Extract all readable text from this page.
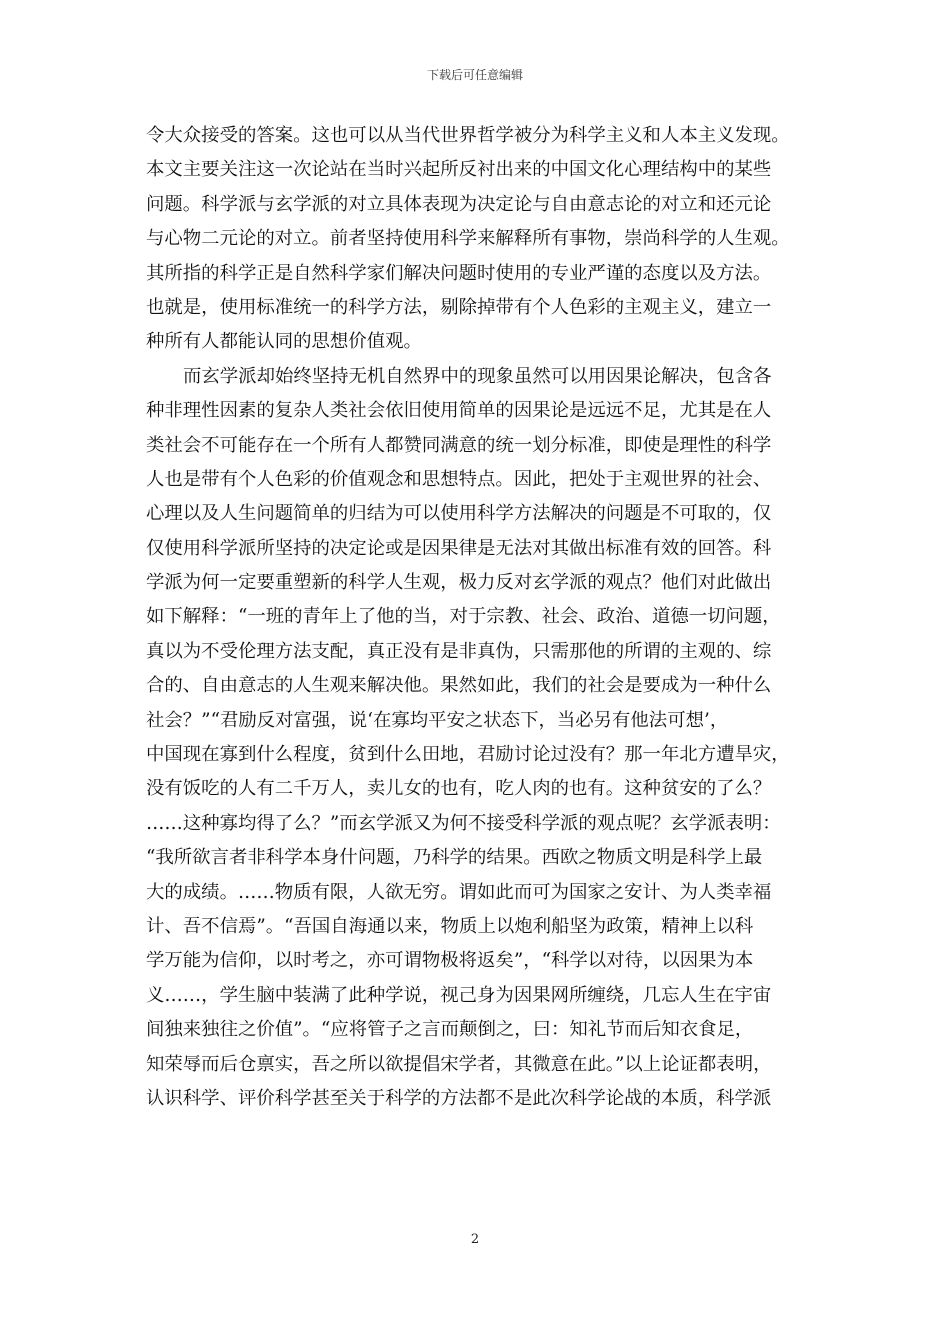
下载后可任意编辑
令大众接受的答案。这也可以从当代世界哲学被分为科学主义和人本主义发现。
本文主要关注这一次论站在当时兴起所反衬出来的中国文化心理结构中的某些
问题。科学派与玄学派的对立具体表现为决定论与自由意志论的对立和还元论
与心物二元论的对立。前者坚持使用科学来解释所有事物，崇尚科学的人生观。
其所指的科学正是自然科学家们解决问题时使用的专业严谨的态度以及方法。
也就是，使用标准统一的科学方法，剔除掉带有个人色彩的主观主义，建立一
种所有人都能认同的思想价值观。
而玄学派却始终坚持无机自然界中的现象虽然可以用因果论解决，包含各
种非理性因素的复杂人类社会依旧使用简单的因果论是远远不足，尤其是在人
类社会不可能存在一个所有人都赞同满意的统一划分标准，即使是理性的科学
人也是带有个人色彩的价值观念和思想特点。因此，把处于主观世界的社会、
心理以及人生问题简单的归结为可以使用科学方法解决的问题是不可取的，仅
仅使用科学派所坚持的决定论或是因果律是无法对其做出标准有效的回答。科
学派为何一定要重塑新的科学人生观，极力反对玄学派的观点？他们对此做出
如下解释：“一班的青年上了他的当，对于宗教、社会、政治、道德一切问题，
真以为不受伦理方法支配，真正没有是非真伪，只需那他的所谓的主观的、综
合的、自由意志的人生观来解决他。果然如此，我们的社会是要成为一种什么
社会？”“君励反对富强，说‘在寡均平安之状态下，当必另有他法可想’，
中国现在寡到什么程度，贫到什么田地，君励讨论过没有？那一年北方遭旱灾，
没有饭吃的人有二千万人，卖儿女的也有，吃人肉的也有。这种贫安的了么？
……这种寡均得了么？”而玄学派又为何不接受科学派的观点呢？玄学派表明：
“我所欲言者非科学本身什问题，乃科学的结果。西欧之物质文明是科学上最
大的成绩。……物质有限，人欲无穷。谓如此而可为国家之安计、为人类幸福
计、吾不信焉”。“吾国自海通以来，物质上以炮利船坚为政策，精神上以科
学万能为信仰，以时考之，亦可谓物极将返矣”，“科学以对待，以因果为本
义……，学生脑中装满了此种学说，视己身为因果网所缠绕，几忘人生在宇宙
间独来独往之价值”。“应将管子之言而颠倒之，曰：知礼节而后知衣食足，
知荣辱而后仓禀实，吾之所以欲提倡宋学者，其微意在此。”以上论证都表明，
认识科学、评价科学甚至关于科学的方法都不是此次科学论战的本质，科学派
2
